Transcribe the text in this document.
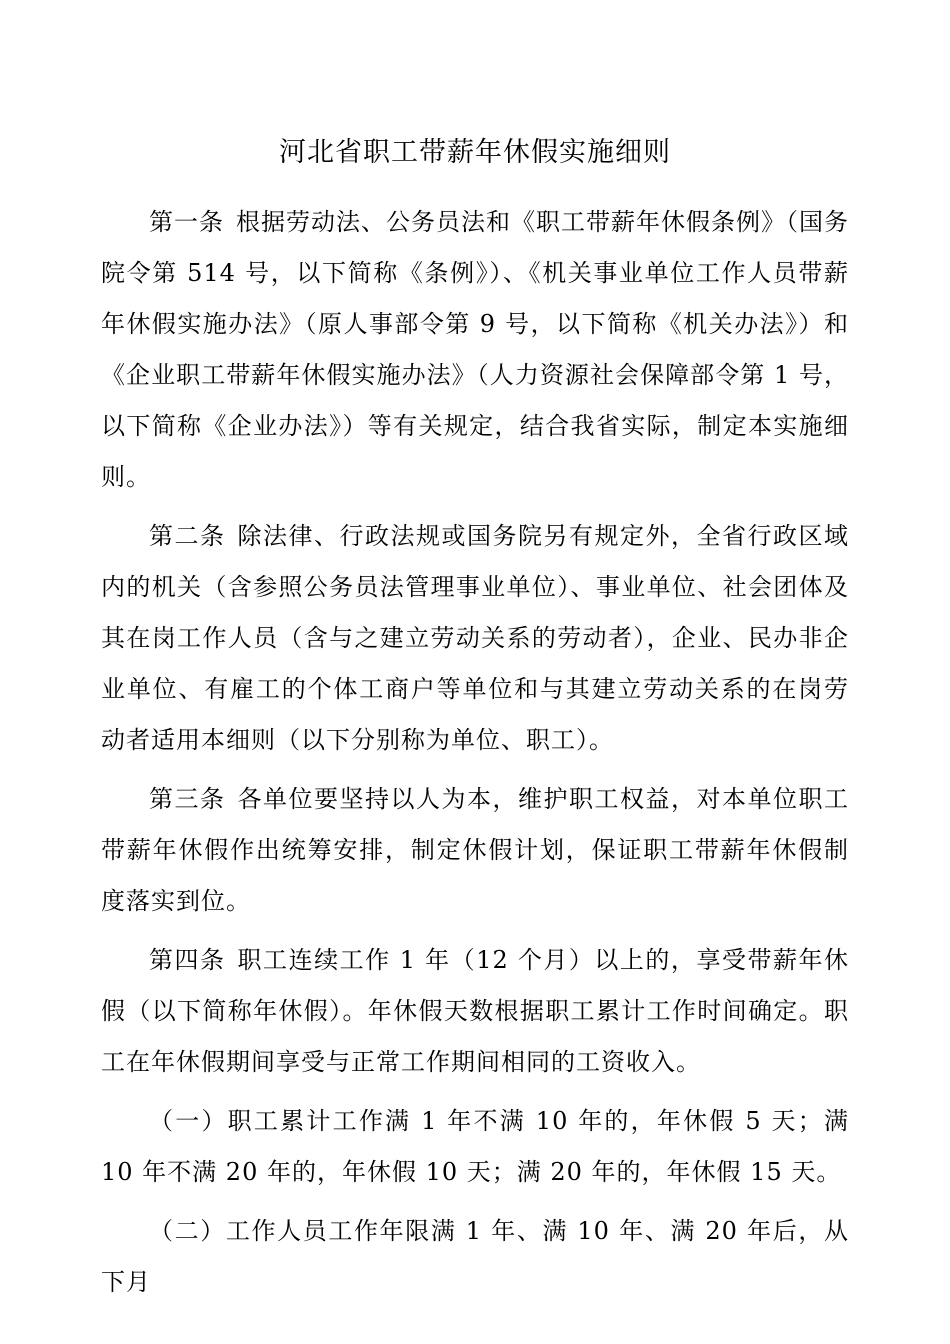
河北省职工带薪年休假实施细则

第一条 根据劳动法、公务员法和《职工带薪年休假条例》（国务院令第 514 号，以下简称《条例》）、《机关事业单位工作人员带薪年休假实施办法》（原人事部令第 9 号，以下简称《机关办法》）和《企业职工带薪年休假实施办法》（人力资源社会保障部令第 1 号，以下简称《企业办法》）等有关规定，结合我省实际，制定本实施细则。

第二条 除法律、行政法规或国务院另有规定外，全省行政区域内的机关（含参照公务员法管理事业单位）、事业单位、社会团体及其在岗工作人员（含与之建立劳动关系的劳动者），企业、民办非企业单位、有雇工的个体工商户等单位和与其建立劳动关系的在岗劳动者适用本细则（以下分别称为单位、职工）。

第三条 各单位要坚持以人为本，维护职工权益，对本单位职工带薪年休假作出统筹安排，制定休假计划，保证职工带薪年休假制度落实到位。

第四条 职工连续工作 1 年（12 个月）以上的，享受带薪年休假（以下简称年休假）。年休假天数根据职工累计工作时间确定。职工在年休假期间享受与正常工作期间相同的工资收入。

（一）职工累计工作满 1 年不满 10 年的，年休假 5 天；满 10 年不满 20 年的，年休假 10 天；满 20 年的，年休假 15 天。

（二）工作人员工作年限满 1 年、满 10 年、满 20 年后，从下月
